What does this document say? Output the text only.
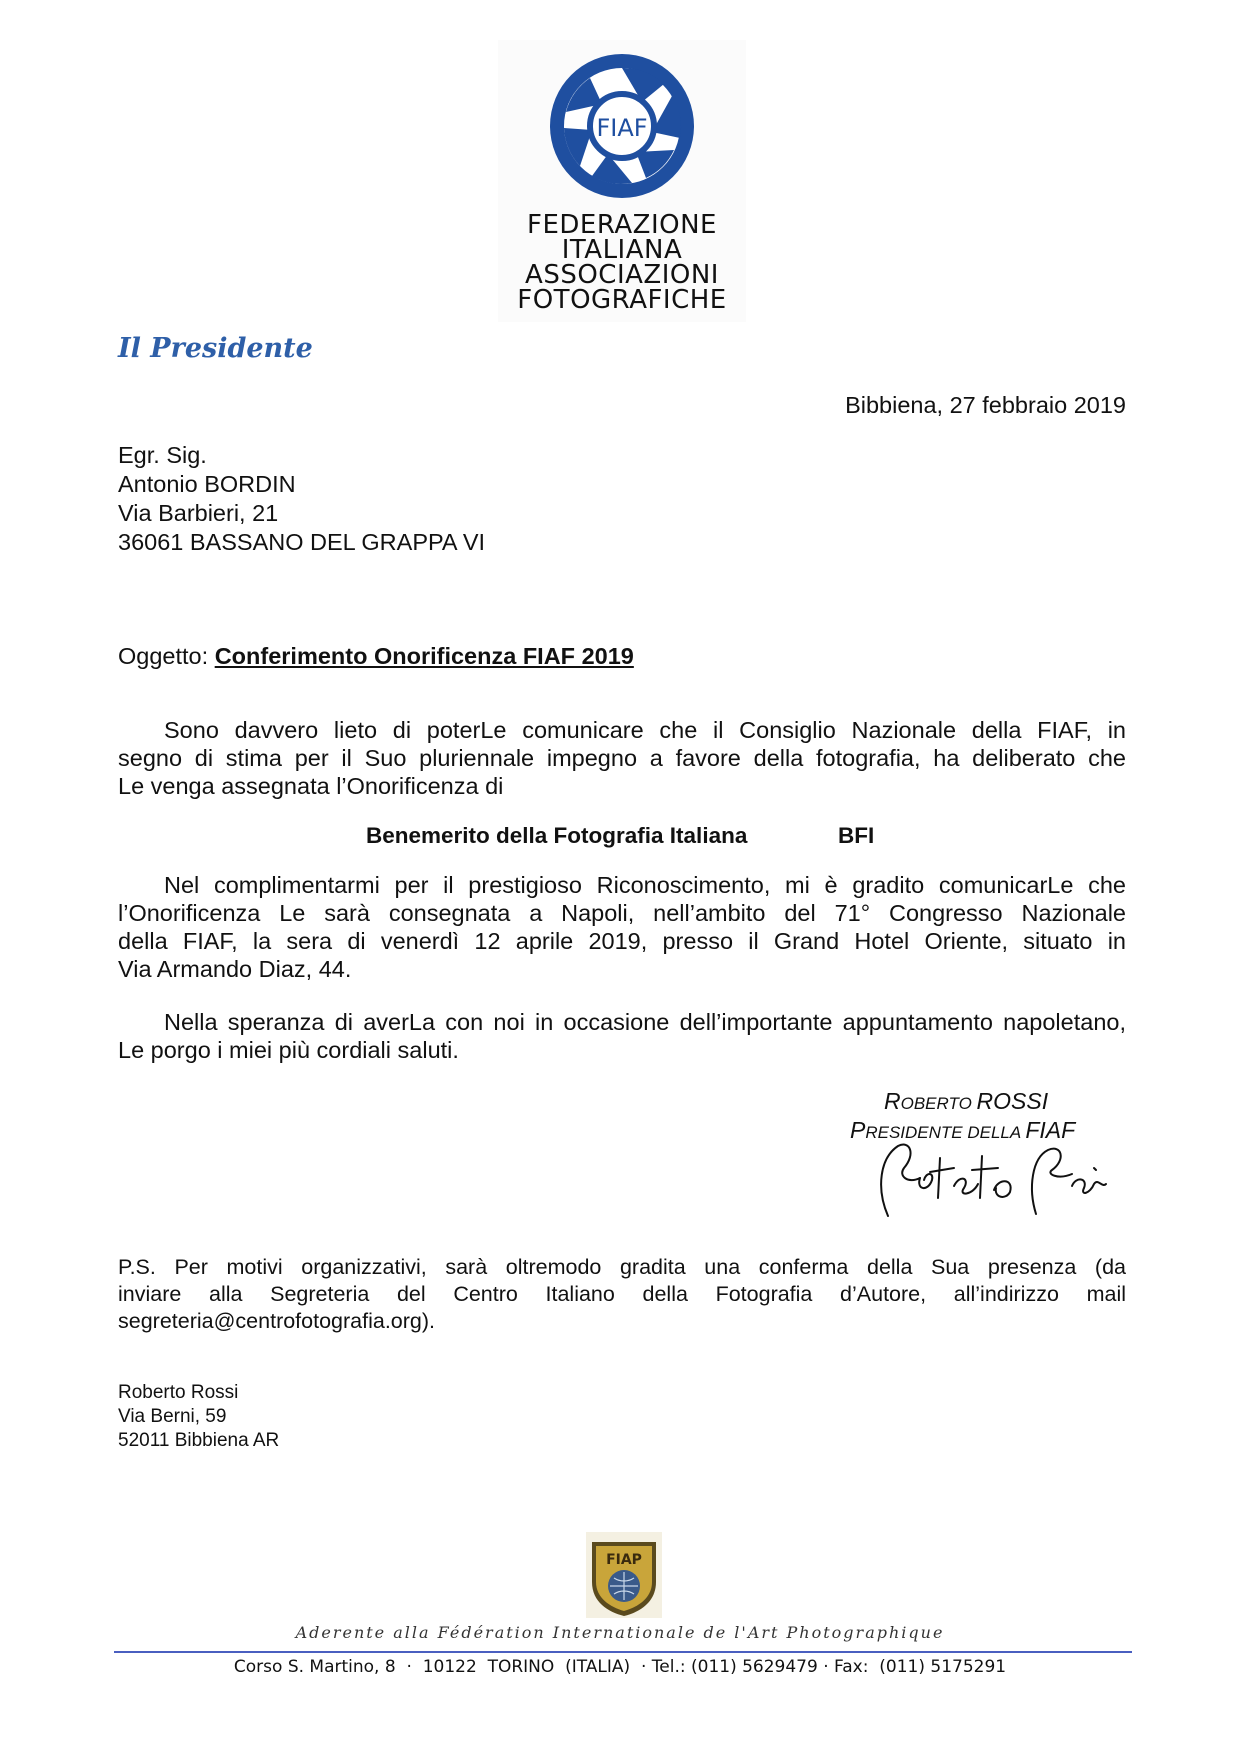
FIAF
FEDERAZIONE
ITALIANA
ASSOCIAZIONI
FOTOGRAFICHE
Il Presidente
Bibbiena, 27 febbraio 2019
Egr. Sig.
Antonio BORDIN
Via Barbieri, 21
36061 BASSANO DEL GRAPPA VI
Oggetto: Conferimento Onorificenza FIAF 2019
Sono davvero lieto di poterLe comunicare che il Consiglio Nazionale della FIAF, in
segno di stima per il Suo pluriennale impegno a favore della fotografia, ha deliberato che
Le venga assegnata l’Onorificenza di
Benemerito della Fotografia Italiana	BFI
Nel complimentarmi per il prestigioso Riconoscimento, mi è gradito comunicarLe che
l’Onorificenza Le sarà consegnata a Napoli, nell’ambito del 71° Congresso Nazionale
della FIAF, la sera di venerdì 12 aprile 2019, presso il Grand Hotel Oriente, situato in
Via Armando Diaz, 44.
Nella speranza di averLa con noi in occasione dell’importante appuntamento napoletano,
Le porgo i miei più cordiali saluti.
ROBERTO ROSSI
PRESIDENTE DELLA FIAF
P.S. Per motivi organizzativi, sarà oltremodo gradita una conferma della Sua presenza (da
inviare alla Segreteria del Centro Italiano della Fotografia d’Autore, all’indirizzo mail
segreteria@centrofotografia.org).
Roberto Rossi
Via Berni, 59
52011 Bibbiena AR
FIAP
Aderente alla Fédération Internationale de l'Art Photographique
Corso S. Martino, 8  ·  10122  TORINO  (ITALIA)  · Tel.: (011) 5629479 · Fax:  (011) 5175291
